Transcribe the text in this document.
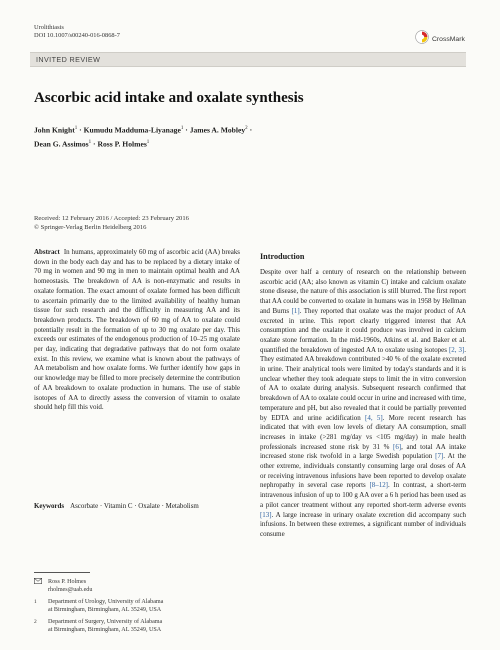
Urolithiasis
DOI 10.1007/s00240-016-0868-7
CrossMark
INVITED REVIEW
Ascorbic acid intake and oxalate synthesis
John Knight$^1$ · Kumudu Madduma-Liyanage$^1$ · James A. Mobley$^2$ ·
Dean G. Assimos$^1$ · Ross P. Holmes$^1$
Received: 12 February 2016 / Accepted: 23 February 2016
© Springer-Verlag Berlin Heidelberg 2016
Abstract In humans, approximately 60 mg of ascorbic acid (AA) breaks down in the body each day and has to be replaced by a dietary intake of 70 mg in women and 90 mg in men to maintain optimal health and AA homeostasis. The breakdown of AA is non-enzymatic and results in oxalate formation. The exact amount of oxalate formed has been difficult to ascertain primarily due to the limited availability of healthy human tissue for such research and the difficulty in measuring AA and its breakdown products. The breakdown of 60 mg of AA to oxalate could potentially result in the formation of up to 30 mg oxalate per day. This exceeds our estimates of the endogenous production of 10–25 mg oxalate per day, indicating that degradative pathways that do not form oxalate exist. In this review, we examine what is known about the pathways of AA metabolism and how oxalate forms. We further identify how gaps in our knowledge may be filled to more precisely determine the contribution of AA breakdown to oxalate production in humans. The use of stable isotopes of AA to directly assess the conversion of vitamin to oxalate should help fill this void.
Keywords Ascorbate · Vitamin C · Oxalate · Metabolism
Ross P. Holmes
rholmes@uab.edu
1	Department of Urology, University of Alabama
at Birmingham, Birmingham, AL 35249, USA
2	Department of Surgery, University of Alabama
at Birmingham, Birmingham, AL 35249, USA
Introduction
Despite over half a century of research on the relationship between ascorbic acid (AA; also known as vitamin C) intake and calcium oxalate stone disease, the nature of this association is still blurred. The first report that AA could be converted to oxalate in humans was in 1958 by Hellman and Burns [1]. They reported that oxalate was the major product of AA excreted in urine. This report clearly triggered interest that AA consumption and the oxalate it could produce was involved in calcium oxalate stone formation. In the mid-1960s, Atkins et al. and Baker et al. quantified the breakdown of ingested AA to oxalate using isotopes [2, 3]. They estimated AA breakdown contributed >40 % of the oxalate excreted in urine. Their analytical tools were limited by today's standards and it is unclear whether they took adequate steps to limit the in vitro conversion of AA to oxalate during analysis. Subsequent research confirmed that breakdown of AA to oxalate could occur in urine and increased with time, temperature and pH, but also revealed that it could be partially prevented by EDTA and urine acidification [4, 5]. More recent research has indicated that with even low levels of dietary AA consumption, small increases in intake (>281 mg/day vs <105 mg/day) in male health professionals increased stone risk by 31 % [6], and total AA intake increased stone risk twofold in a large Swedish population [7]. At the other extreme, individuals constantly consuming large oral doses of AA or receiving intravenous infusions have been reported to develop oxalate nephropathy in several case reports [8–12]. In contrast, a short-term intravenous infusion of up to 100 g AA over a 6 h period has been used as a pilot cancer treatment without any reported short-term adverse events [13]. A large increase in urinary oxalate excretion did accompany such infusions. In between these extremes, a significant number of individuals consume
